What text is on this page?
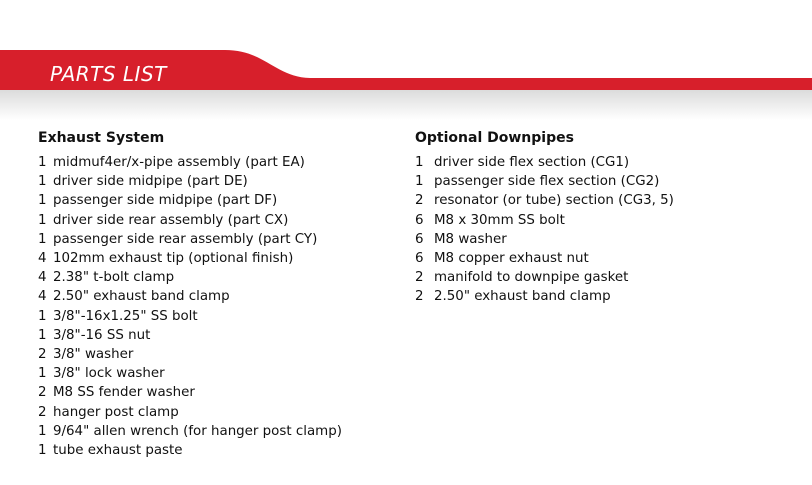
PARTS LIST
Exhaust System
1 midmuf4er/x-pipe assembly (part EA)
1 driver side midpipe (part DE)
1 passenger side midpipe (part DF)
1 driver side rear assembly (part CX)
1 passenger side rear assembly (part CY)
4 102mm exhaust tip (optional finish)
4 2.38" t-bolt clamp
4 2.50" exhaust band clamp
1 3/8"-16x1.25" SS bolt
1 3/8"-16 SS nut
2 3/8" washer
1 3/8" lock washer
2 M8 SS fender washer
2 hanger post clamp
1 9/64" allen wrench (for hanger post clamp)
1 tube exhaust paste
Optional Downpipes
1 driver side flex section (CG1)
1 passenger side flex section (CG2)
2 resonator (or tube) section (CG3, 5)
6 M8 x 30mm SS bolt
6 M8 washer
6 M8 copper exhaust nut
2 manifold to downpipe gasket
2 2.50" exhaust band clamp
